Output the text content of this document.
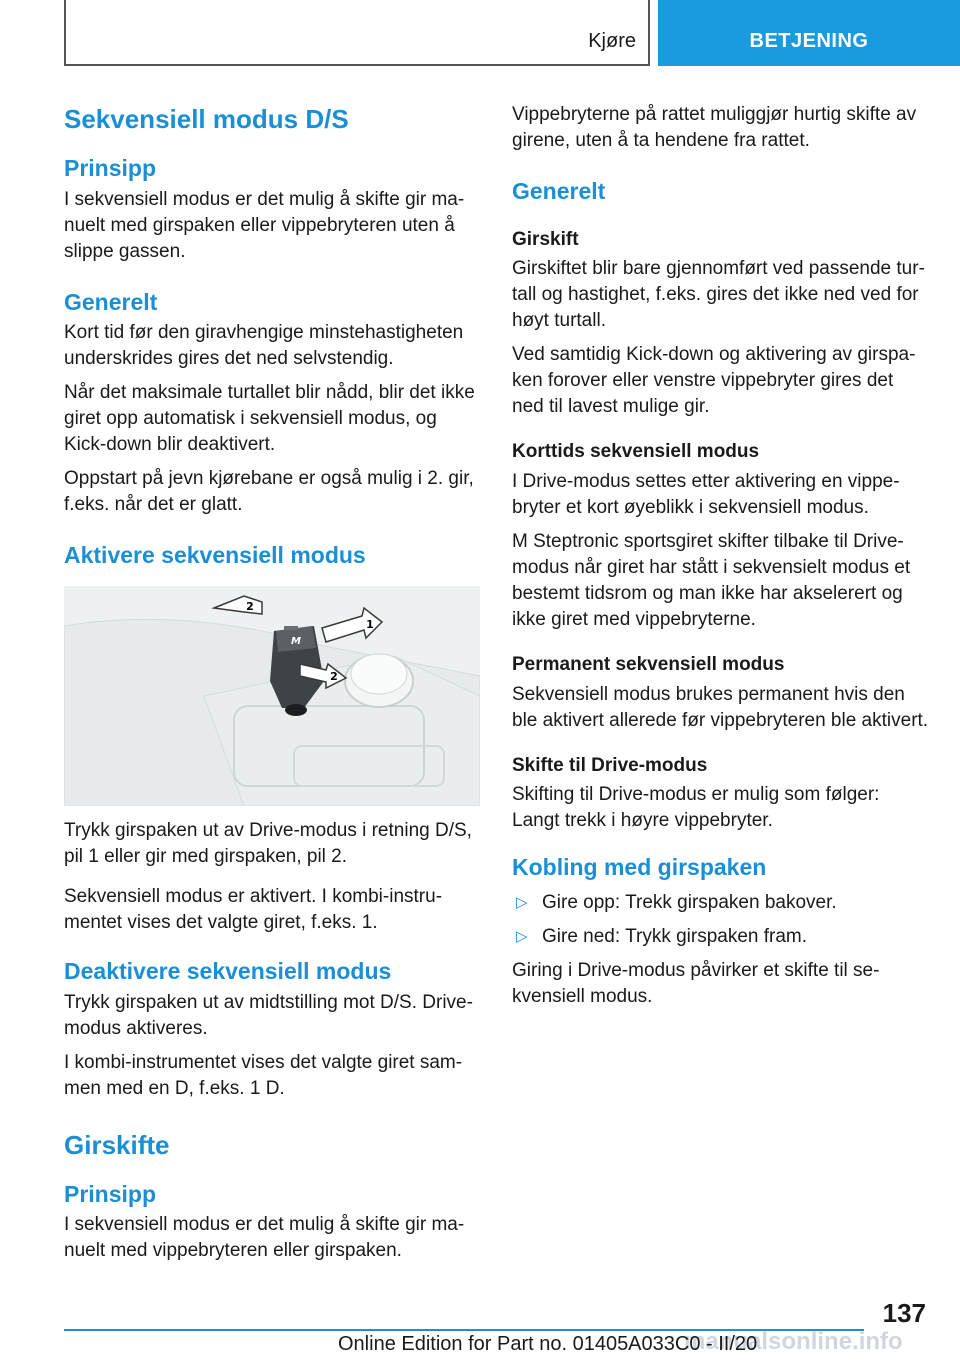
Kjøre	BETJENING
Sekvensiell modus D/S
Prinsipp

I sekvensiell modus er det mulig å skifte gir ma-nuelt med girspaken eller vippebryteren uten å slippe gassen.

Generelt

Kort tid før den giravhengige minstehastigheten underskrides gires det ned selvstendig.

Når det maksimale turtallet blir nådd, blir det ikke giret opp automatisk i sekvensiell modus, og Kick-down blir deaktivert.

Oppstart på jevn kjørebane er også mulig i 2. gir, f.eks. når det er glatt.

Aktivere sekvensiell modus
2
1
2
M

Trykk girspaken ut av Drive-modus i retning D/S, pil 1 eller gir med girspaken, pil 2.

Sekvensiell modus er aktivert. I kombi-instru-mentet vises det valgte giret, f.eks. 1.

Deaktivere sekvensiell modus

Trykk girspaken ut av midtstilling mot D/S. Drive-modus aktiveres.

I kombi-instrumentet vises det valgte giret sam-men med en D, f.eks. 1 D.

Girskifte
Prinsipp

I sekvensiell modus er det mulig å skifte gir ma-nuelt med vippebryteren eller girspaken.

Vippebryterne på rattet muliggjør hurtig skifte av girene, uten å ta hendene fra rattet.

Generelt
Girskift

Girskiftet blir bare gjennomført ved passende tur-tall og hastighet, f.eks. gires det ikke ned ved for høyt turtall.

Ved samtidig Kick-down og aktivering av girspa-ken forover eller venstre vippebryter gires det ned til lavest mulige gir.

Korttids sekvensiell modus

I Drive-modus settes etter aktivering en vippe-bryter et kort øyeblikk i sekvensiell modus.

M Steptronic sportsgiret skifter tilbake til Drive-modus når giret har stått i sekvensielt modus et bestemt tidsrom og man ikke har akselerert og ikke giret med vippebryterne.

Permanent sekvensiell modus

Sekvensiell modus brukes permanent hvis den ble aktivert allerede før vippebryteren ble aktivert.

Skifte til Drive-modus

Skifting til Drive-modus er mulig som følger: Langt trekk i høyre vippebryter.

Kobling med girspaken
▷ Gire opp: Trekk girspaken bakover.
▷ Gire ned: Trykk girspaken fram.

Giring i Drive-modus påvirker et skifte til se-kvensiell modus.

137
manualsonline.info
Online Edition for Part no. 01405A033C0 - II/20
